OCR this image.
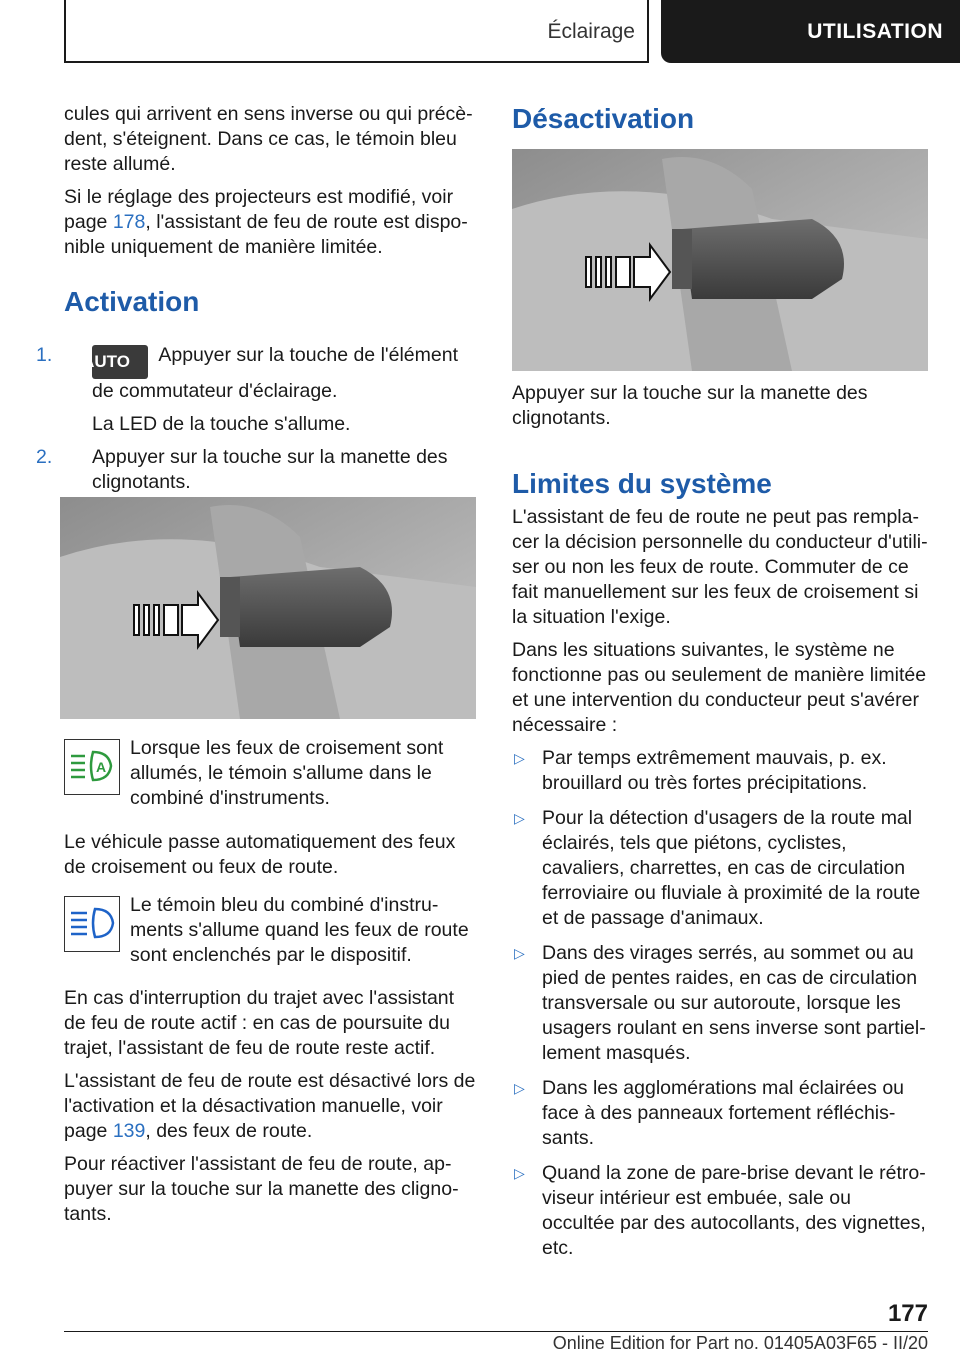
Éclairage	UTILISATION

cules qui arrivent en sens inverse ou qui précèdent, s'éteignent. Dans ce cas, le témoin bleu reste allumé.

Si le réglage des projecteurs est modifié, voir page 178, l'assistant de feu de route est disponible uniquement de manière limitée.

Activation
1. AUTO Appuyer sur la touche de l'élément de commutateur d'éclairage.
La LED de la touche s'allume.
2. Appuyer sur la touche sur la manette des clignotants.
A
Lorsque les feux de croisement sont allumés, le témoin s'allume dans le combiné d'instruments.
Le véhicule passe automatiquement des feux de croisement ou feux de route.
Le témoin bleu du combiné d'instruments s'allume quand les feux de route sont enclenchés par le dispositif.

En cas d'interruption du trajet avec l'assistant de feu de route actif : en cas de poursuite du trajet, l'assistant de feu de route reste actif.

L'assistant de feu de route est désactivé lors de l'activation et la désactivation manuelle, voir page 139, des feux de route.

Pour réactiver l'assistant de feu de route, appuyer sur la touche sur la manette des clignotants.

Désactivation
Appuyer sur la touche sur la manette des clignotants.
Limites du système

L'assistant de feu de route ne peut pas remplacer la décision personnelle du conducteur d'utiliser ou non les feux de route. Commuter de ce fait manuellement sur les feux de croisement si la situation l'exige.

Dans les situations suivantes, le système ne fonctionne pas ou seulement de manière limitée et une intervention du conducteur peut s'avérer nécessaire :

▷ Par temps extrêmement mauvais, p. ex. brouillard ou très fortes précipitations.
▷ Pour la détection d'usagers de la route mal éclairés, tels que piétons, cyclistes, cavaliers, charrettes, en cas de circulation ferroviaire ou fluviale à proximité de la route et de passage d'animaux.
▷ Dans des virages serrés, au sommet ou au pied de pentes raides, en cas de circulation transversale ou sur autoroute, lorsque les usagers roulant en sens inverse sont partiellement masqués.
▷ Dans les agglomérations mal éclairées ou face à des panneaux fortement réfléchissants.
▷ Quand la zone de pare-brise devant le rétroviseur intérieur est embuée, sale ou occultée par des autocollants, des vignettes, etc.
177
Online Edition for Part no. 01405A03F65 - II/20
